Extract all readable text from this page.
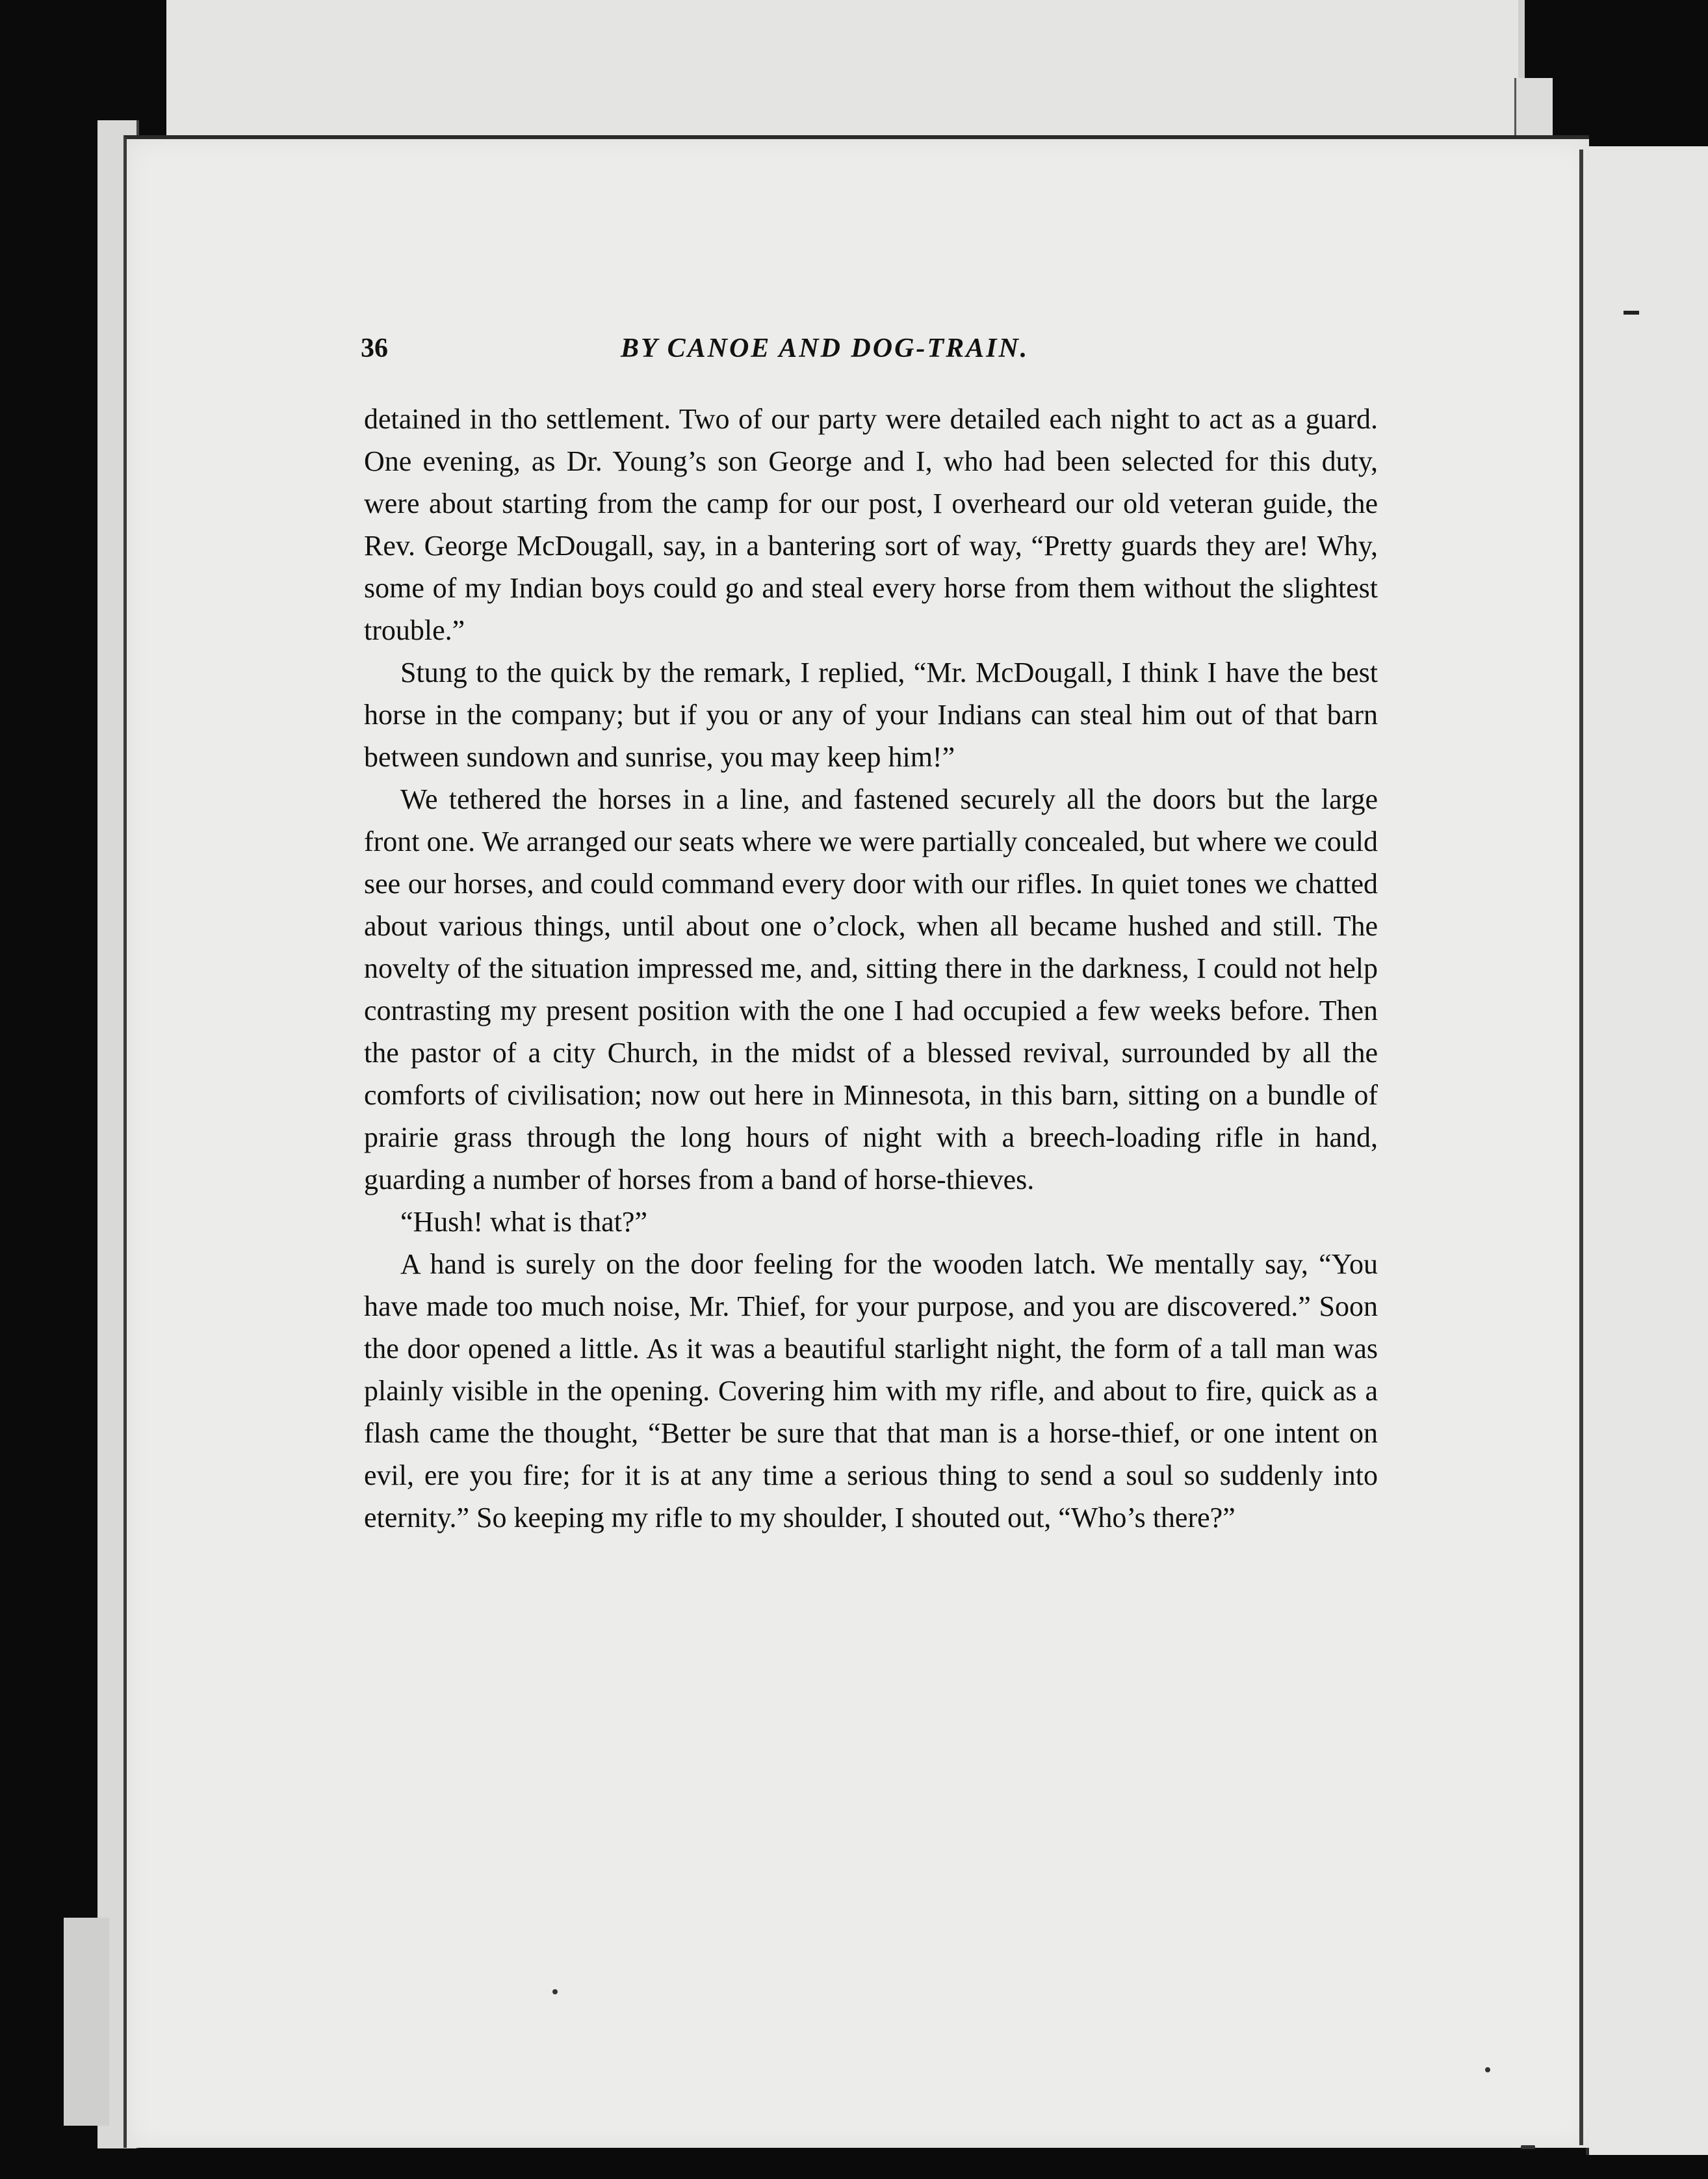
36	BY CANOE AND DOG-TRAIN.

detained in tho settlement. Two of our party were detailed each night to act as a guard. One evening, as Dr. Young’s son George and I, who had been selected for this duty, were about starting from the camp for our post, I overheard our old veteran guide, the Rev. George McDougall, say, in a bantering sort of way, “Pretty guards they are! Why, some of my Indian boys could go and steal every horse from them without the slightest trouble.”

Stung to the quick by the remark, I replied, “Mr. McDougall, I think I have the best horse in the company; but if you or any of your Indians can steal him out of that barn between sundown and sunrise, you may keep him!”

We tethered the horses in a line, and fastened securely all the doors but the large front one. We arranged our seats where we were partially concealed, but where we could see our horses, and could command every door with our rifles. In quiet tones we chatted about various things, until about one o’clock, when all became hushed and still. The novelty of the situation impressed me, and, sitting there in the darkness, I could not help contrasting my present position with the one I had occupied a few weeks before. Then the pastor of a city Church, in the midst of a blessed revival, surrounded by all the comforts of civilisation; now out here in Minnesota, in this barn, sitting on a bundle of prairie grass through the long hours of night with a breech-loading rifle in hand, guarding a number of horses from a band of horse-thieves.

“Hush! what is that?”

A hand is surely on the door feeling for the wooden latch. We mentally say, “You have made too much noise, Mr. Thief, for your purpose, and you are discovered.” Soon the door opened a little. As it was a beautiful starlight night, the form of a tall man was plainly visible in the opening. Covering him with my rifle, and about to fire, quick as a flash came the thought, “Better be sure that that man is a horse-thief, or one intent on evil, ere you fire; for it is at any time a serious thing to send a soul so suddenly into eternity.” So keeping my rifle to my shoulder, I shouted out, “Who’s there?”
